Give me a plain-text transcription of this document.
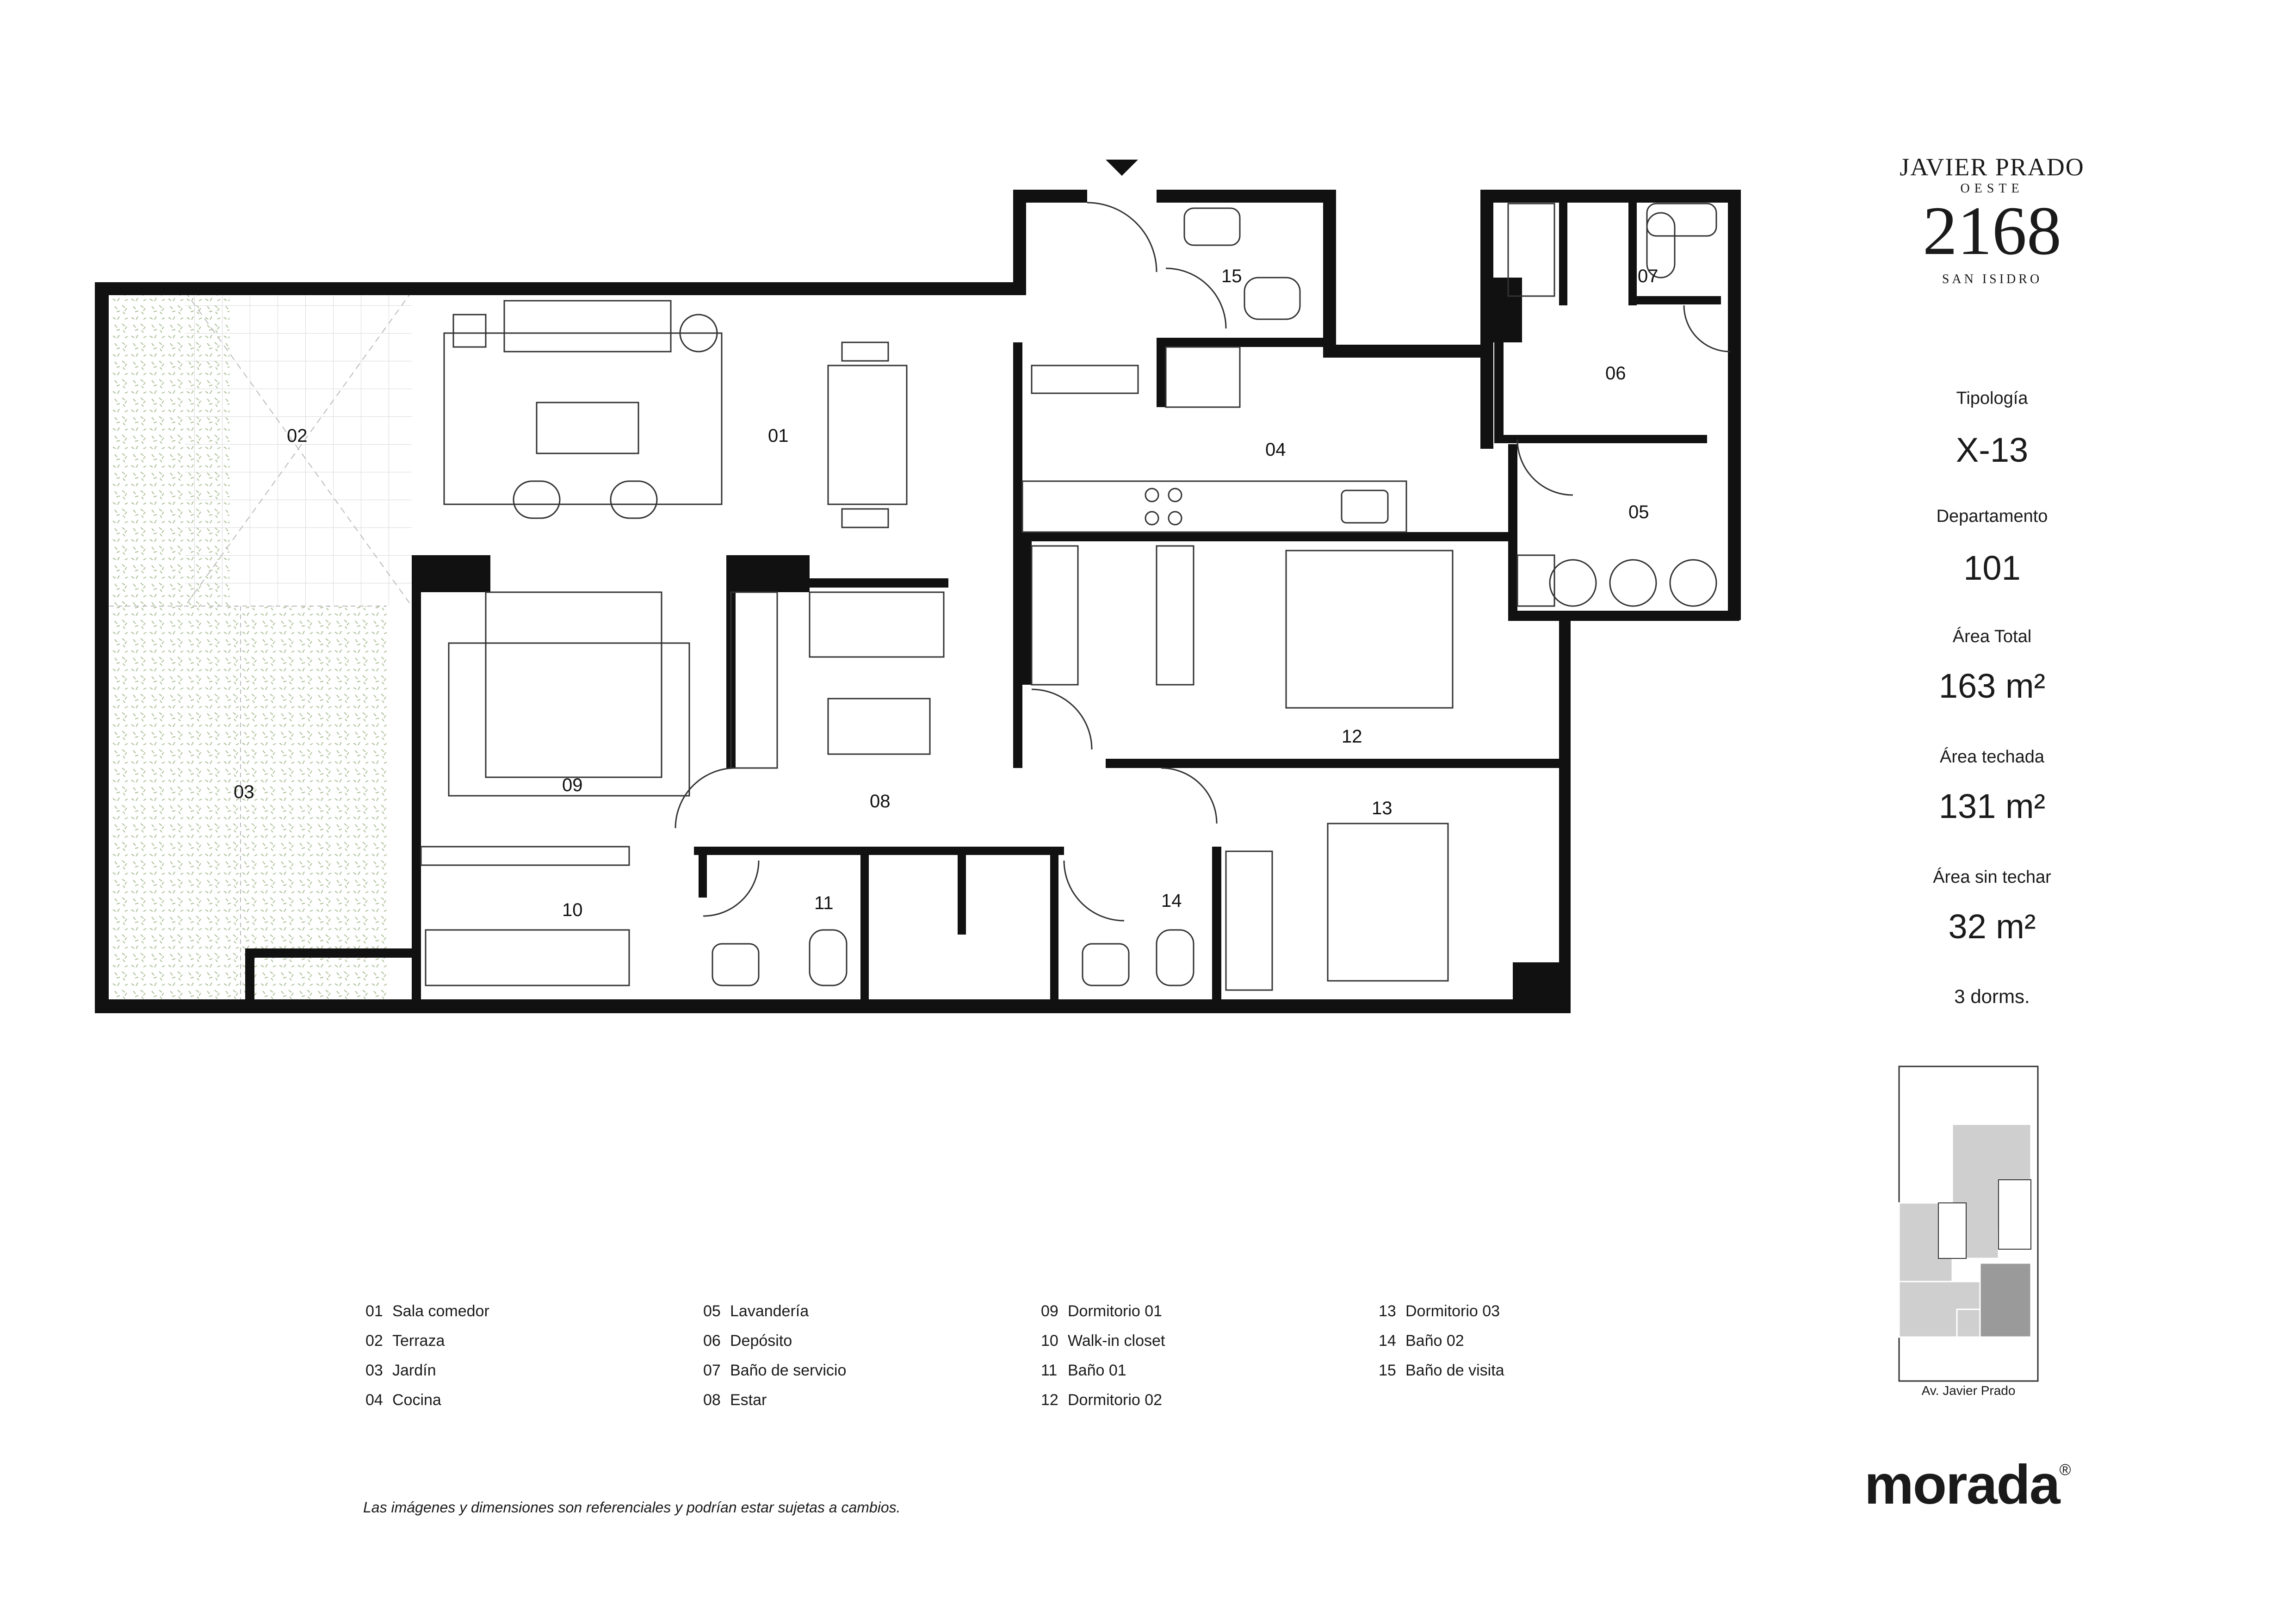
01
02
03
04
05
06
07
08
09
10	11
12
13
14
15
JAVIER PRADO
OESTE
2168
SAN ISIDRO
Tipología
X-13
Departamento
101
Área Total
163 m²
Área techada
131 m²
Área sin techar
32 m²
3 dorms.
Av. Javier Prado
01 Sala comedor
02 Terraza
03 Jardín
04 Cocina
05 Lavandería
06 Depósito
07 Baño de servicio
08 Estar
09 Dormitorio 01
10 Walk-in closet
11 Baño 01
12 Dormitorio 02
13 Dormitorio 03
14 Baño 02
15 Baño de visita
Las imágenes y dimensiones son referenciales y podrían estar sujetas a cambios.	morada®
